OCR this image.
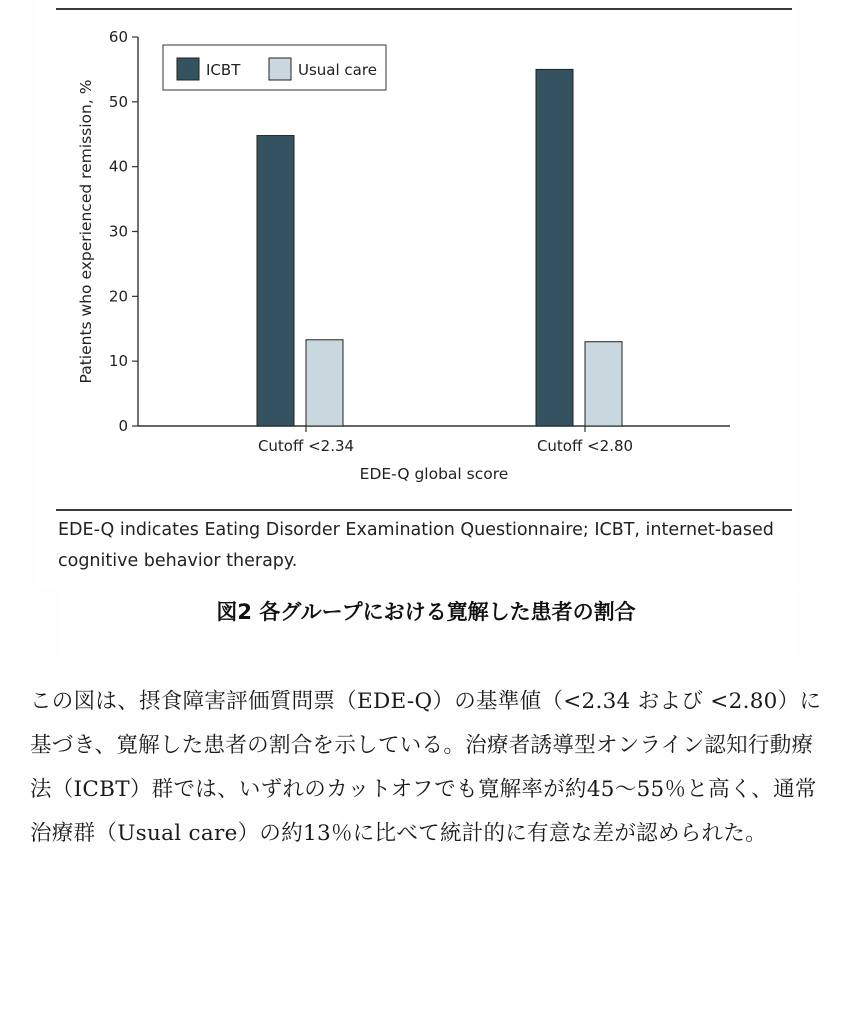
0
10
20
30
40
50
60
Patients who experienced remission, %
Cutoff <2.34	Cutoff <2.80
EDE-Q global score
ICBT	Usual care
EDE-Q indicates Eating Disorder Examination Questionnaire; ICBT, internet-based cognitive behavior therapy.
図2 各グループにおける寛解した患者の割合
この図は、摂食障害評価質問票（EDE-Q）の基準値（<2.34 および <2.80）に基づき、寛解した患者の割合を示している。治療者誘導型オンライン認知行動療法（ICBT）群では、いずれのカットオフでも寛解率が約45〜55％と高く、通常治療群（Usual care）の約13％に比べて統計的に有意な差が認められた。
